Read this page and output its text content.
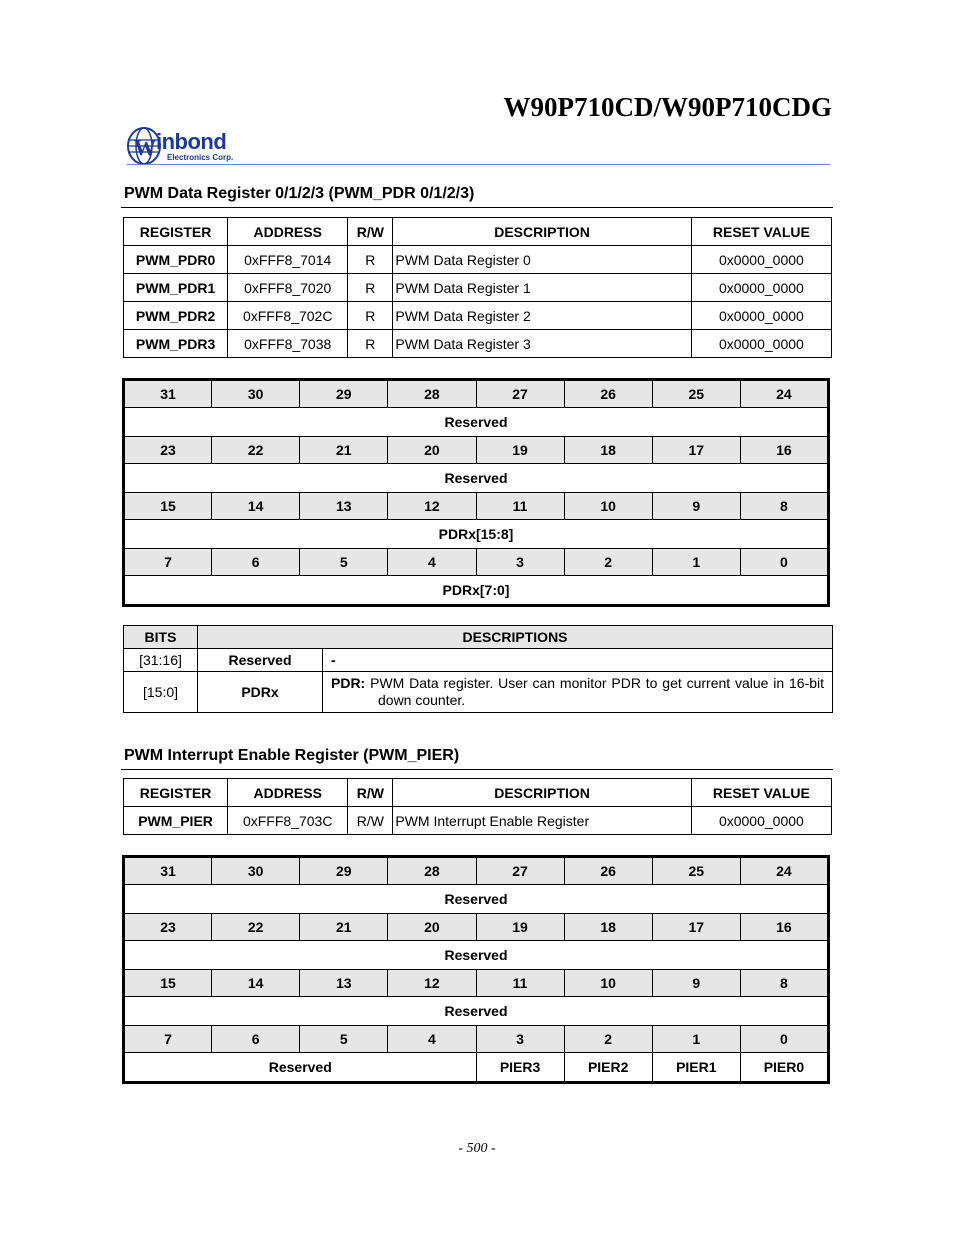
W90P710CD/W90P710CDG
W inbond
Electronics Corp.
PWM Data Register 0/1/2/3 (PWM_PDR 0/1/2/3)
REGISTER	ADDRESS	R/W	DESCRIPTION	RESET VALUE
PWM_PDR0	0xFFF8_7014	R	PWM Data Register 0	0x0000_0000
PWM_PDR1	0xFFF8_7020	R	PWM Data Register 1	0x0000_0000
PWM_PDR2	0xFFF8_702C	R	PWM Data Register 2	0x0000_0000
PWM_PDR3	0xFFF8_7038	R	PWM Data Register 3	0x0000_0000
31	30	29	28	27	26	25	24
Reserved							
23	22	21	20	19	18	17	16
Reserved							
15	14	13	12	11	10	9	8
PDRx[15:8]							
7	6	5	4	3	2	1	0
PDRx[7:0]							
BITS	DESCRIPTIONS	
[31:16]	Reserved	-

[15:0]	PDRx	PDR: PWM Data register. User can monitor PDR to get current value in 16-bit down counter.
PWM Interrupt Enable Register (PWM_PIER)
REGISTER	ADDRESS	R/W	DESCRIPTION	RESET VALUE
PWM_PIER	0xFFF8_703C	R/W	PWM Interrupt Enable Register	0x0000_0000
31	30	29	28	27	26	25	24
Reserved							
23	22	21	20	19	18	17	16
Reserved							
15	14	13	12	11	10	9	8
Reserved							
7	6	5	4	3	2	1	0
Reserved				PIER3	PIER2	PIER1	PIER0
- 500 -
